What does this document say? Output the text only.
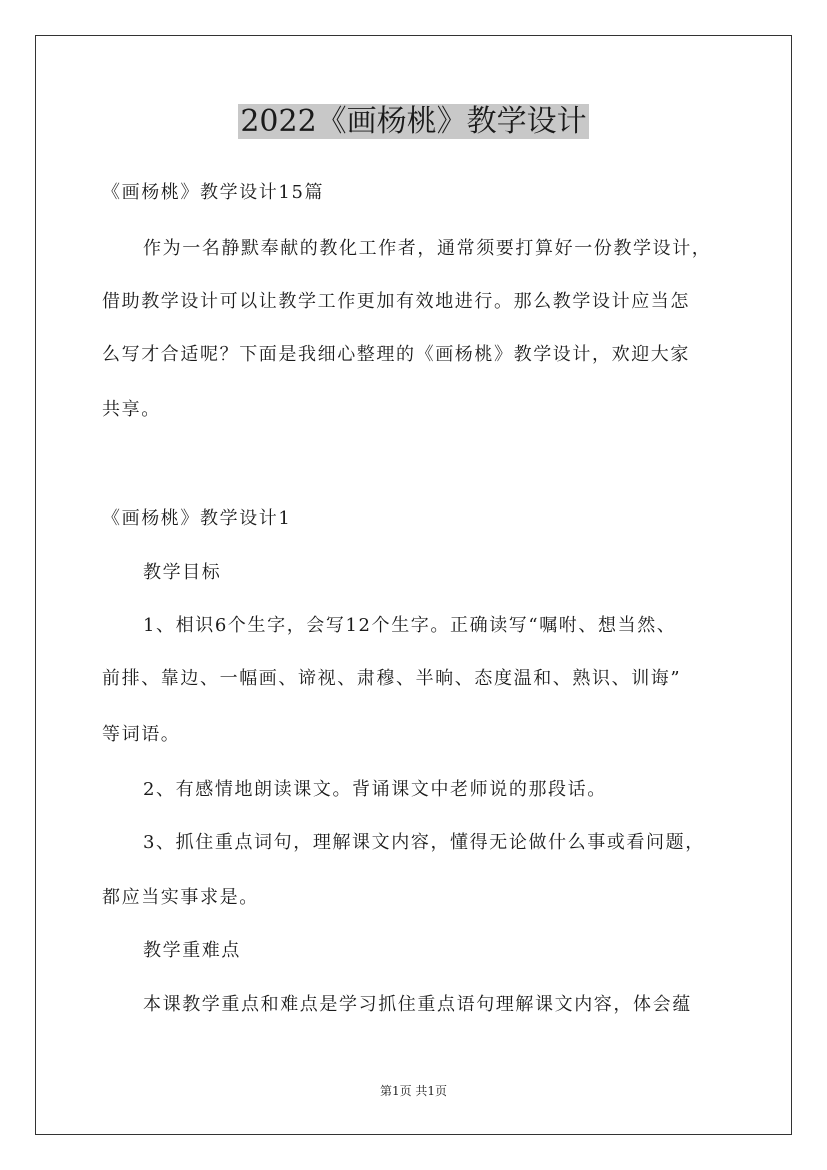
2022《画杨桃》教学设计
《画杨桃》教学设计15篇
作为一名静默奉献的教化工作者，通常须要打算好一份教学设计，
借助教学设计可以让教学工作更加有效地进行。那么教学设计应当怎
么写才合适呢？下面是我细心整理的《画杨桃》教学设计，欢迎大家
共享。
《画杨桃》教学设计1
教学目标
1、相识6个生字，会写12个生字。正确读写“嘱咐、想当然、
前排、靠边、一幅画、谛视、肃穆、半晌、态度温和、熟识、训诲”
等词语。
2、有感情地朗读课文。背诵课文中老师说的那段话。
3、抓住重点词句，理解课文内容，懂得无论做什么事或看问题，
都应当实事求是。
教学重难点
本课教学重点和难点是学习抓住重点语句理解课文内容，体会蕴
第1页 共1页
